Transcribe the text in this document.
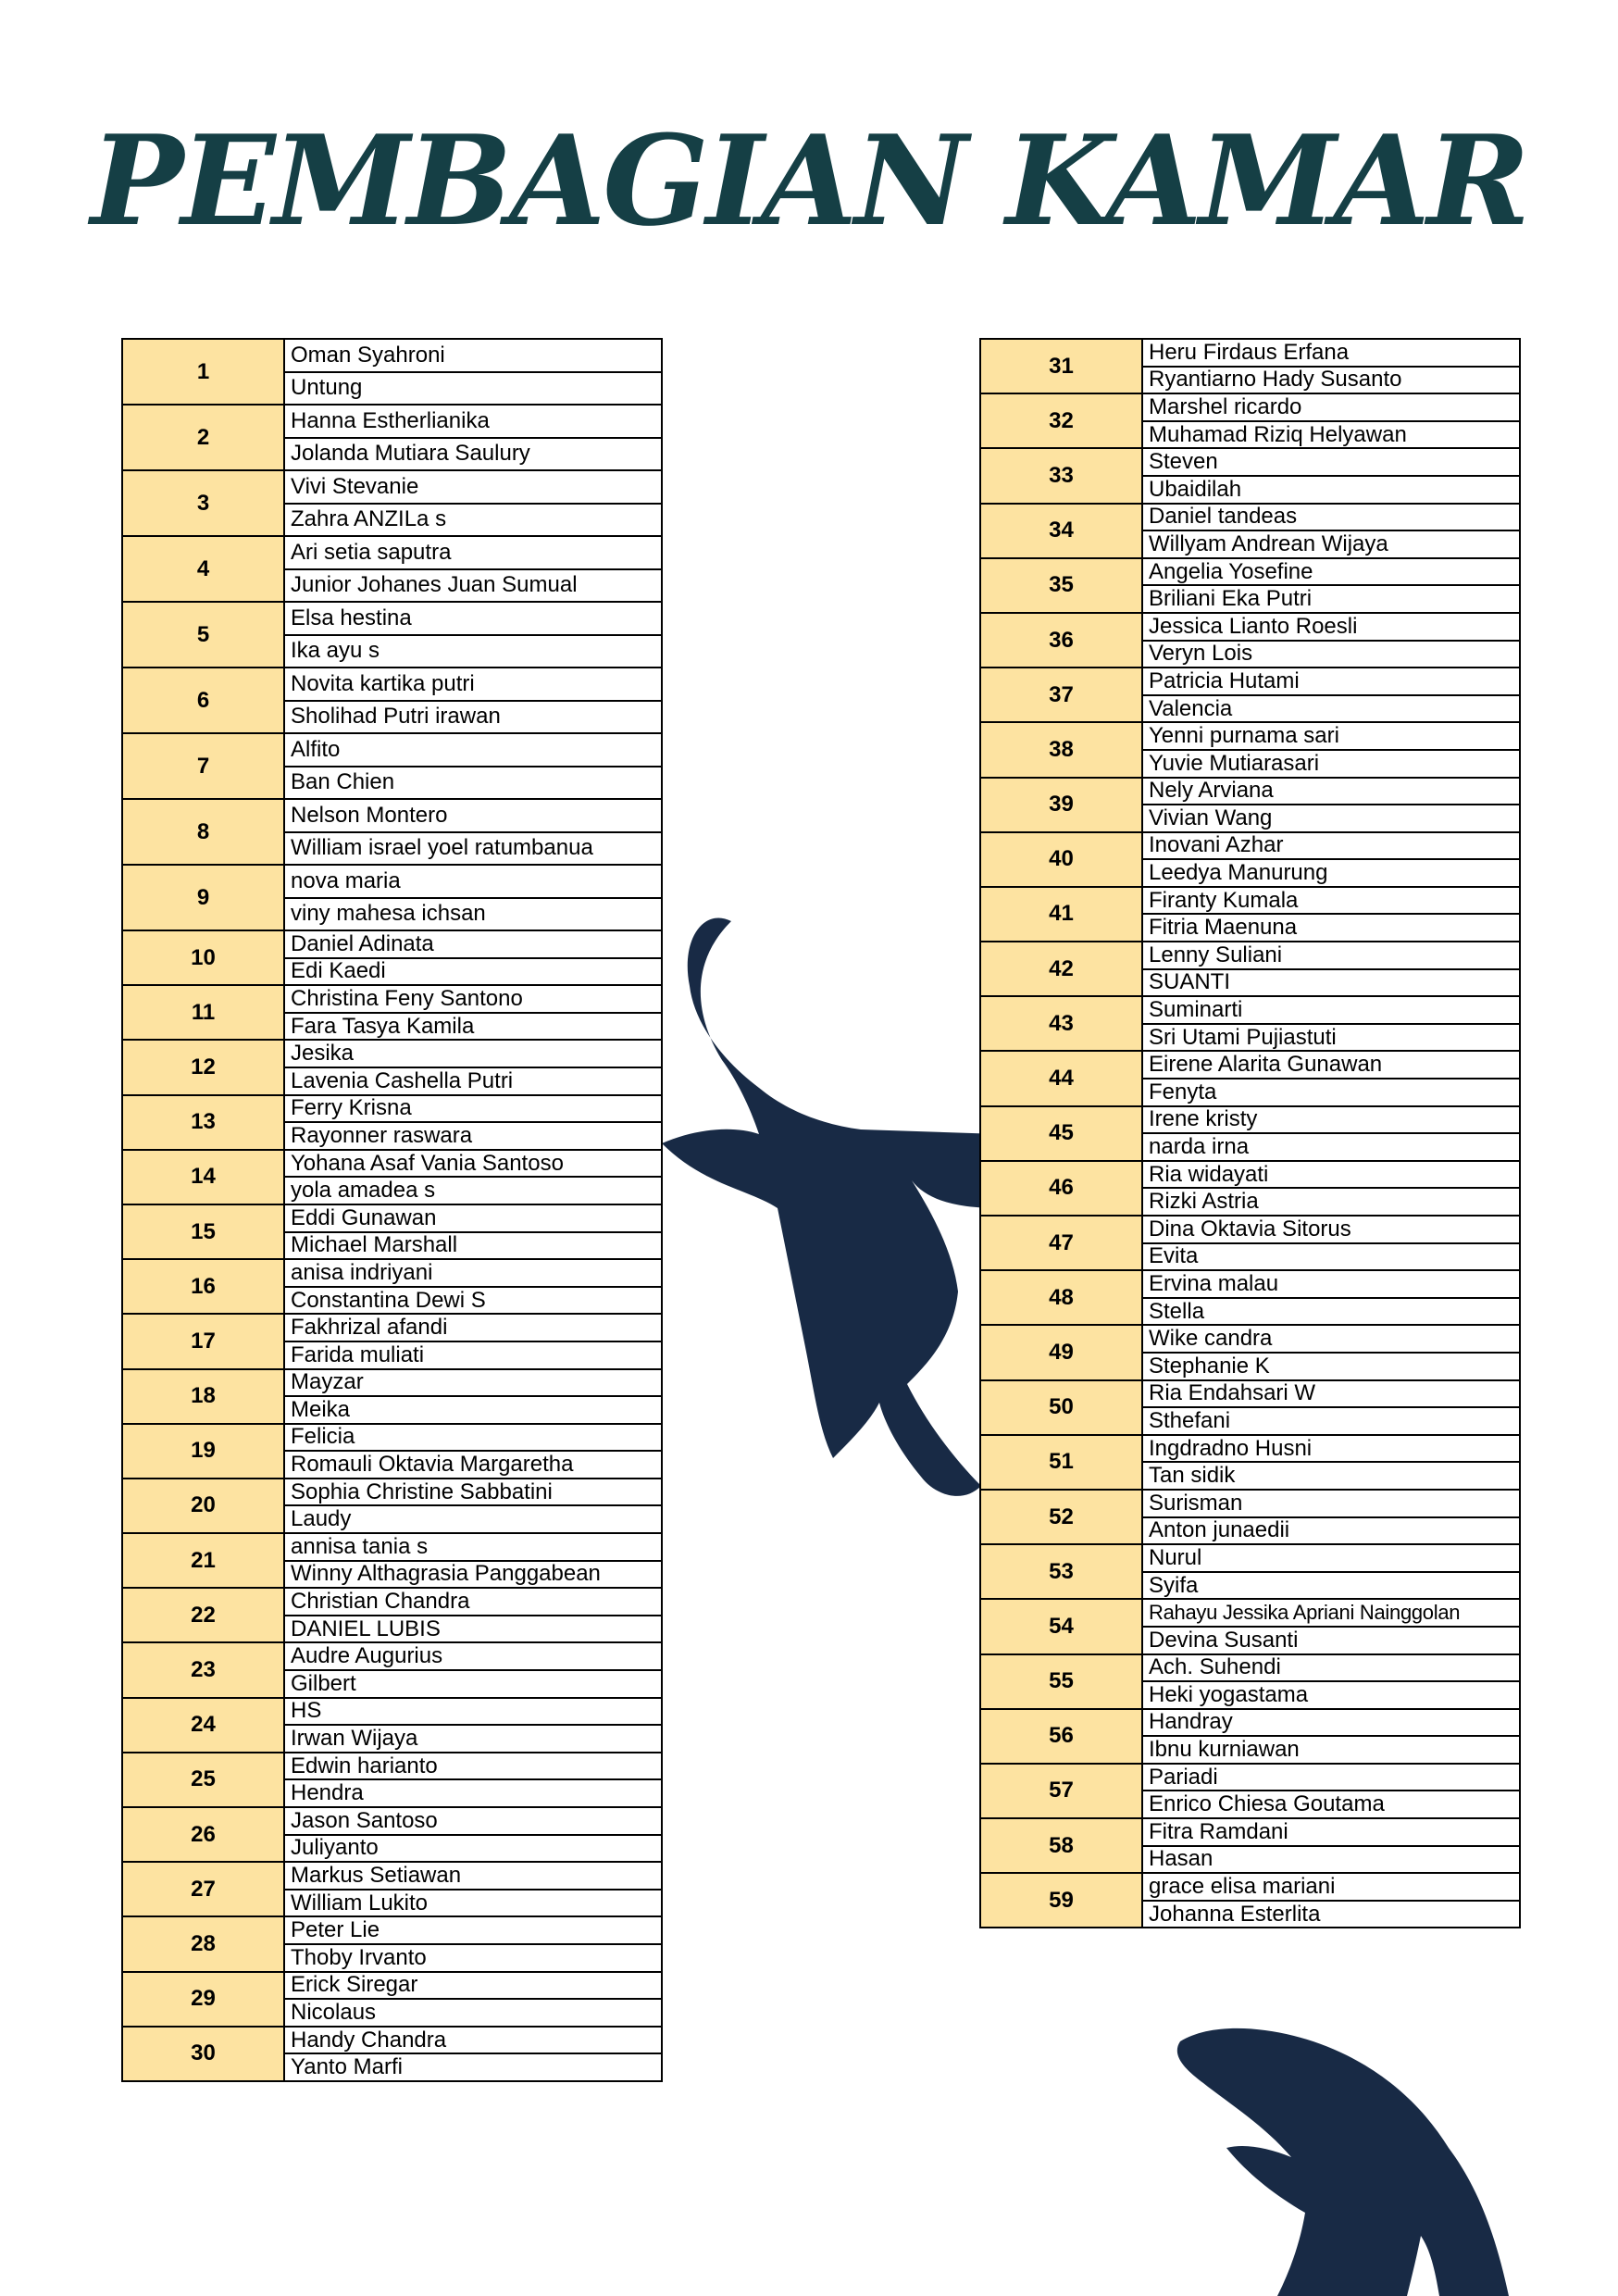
PEMBAGIAN KAMAR
1	Oman Syahroni
	Untung
2	Hanna Estherlianika
	Jolanda Mutiara Saulury
3	Vivi Stevanie
	Zahra ANZILa s
4	Ari setia saputra
	Junior Johanes Juan Sumual
5	Elsa hestina
	Ika ayu s
6	Novita kartika putri
	Sholihad Putri irawan
7	Alfito
	Ban Chien
8	Nelson Montero
	William israel yoel ratumbanua
9	nova maria
	viny mahesa ichsan
10	Daniel Adinata
	Edi Kaedi
11	Christina Feny Santono
	Fara Tasya Kamila
12	Jesika
	Lavenia Cashella Putri
13	Ferry Krisna
	Rayonner raswara
14	Yohana Asaf Vania Santoso
	yola amadea s
15	Eddi Gunawan
	Michael Marshall
16	anisa indriyani
	Constantina Dewi S
17	Fakhrizal afandi
	Farida muliati
18	Mayzar
	Meika
19	Felicia
	Romauli Oktavia Margaretha
20	Sophia Christine Sabbatini
	Laudy
21	annisa tania s
	Winny Althagrasia Panggabean
22	Christian Chandra
	DANIEL LUBIS
23	Audre Augurius
	Gilbert
24	HS
	Irwan Wijaya
25	Edwin harianto
	Hendra
26	Jason Santoso
	Juliyanto
27	Markus Setiawan
	William Lukito
28	Peter Lie
	Thoby Irvanto
29	Erick Siregar
	Nicolaus
30	Handy Chandra
	Yanto Marfi
31	Heru Firdaus Erfana
	Ryantiarno Hady Susanto
32	Marshel ricardo
	Muhamad Riziq Helyawan
33	Steven
	Ubaidilah
34	Daniel tandeas
	Willyam Andrean Wijaya
35	Angelia Yosefine
	Briliani Eka Putri
36	Jessica Lianto Roesli
	Veryn Lois
37	Patricia Hutami
	Valencia
38	Yenni purnama sari
	Yuvie Mutiarasari
39	Nely Arviana
	Vivian Wang
40	Inovani Azhar
	Leedya Manurung
41	Firanty Kumala
	Fitria Maenuna
42	Lenny Suliani
	SUANTI
43	Suminarti
	Sri Utami Pujiastuti
44	Eirene Alarita Gunawan
	Fenyta
45	Irene kristy
	narda irna
46	Ria widayati
	Rizki Astria
47	Dina Oktavia Sitorus
	Evita
48	Ervina malau
	Stella
49	Wike candra
	Stephanie K
50	Ria Endahsari W
	Sthefani
51	Ingdradno Husni
	Tan sidik
52	Surisman
	Anton junaedii
53	Nurul
	Syifa
54	Rahayu Jessika Apriani Nainggolan
	Devina Susanti
55	Ach. Suhendi
	Heki yogastama
56	Handray
	Ibnu kurniawan
57	Pariadi
	Enrico Chiesa Goutama
58	Fitra Ramdani
	Hasan
59	grace elisa mariani
	Johanna Esterlita
